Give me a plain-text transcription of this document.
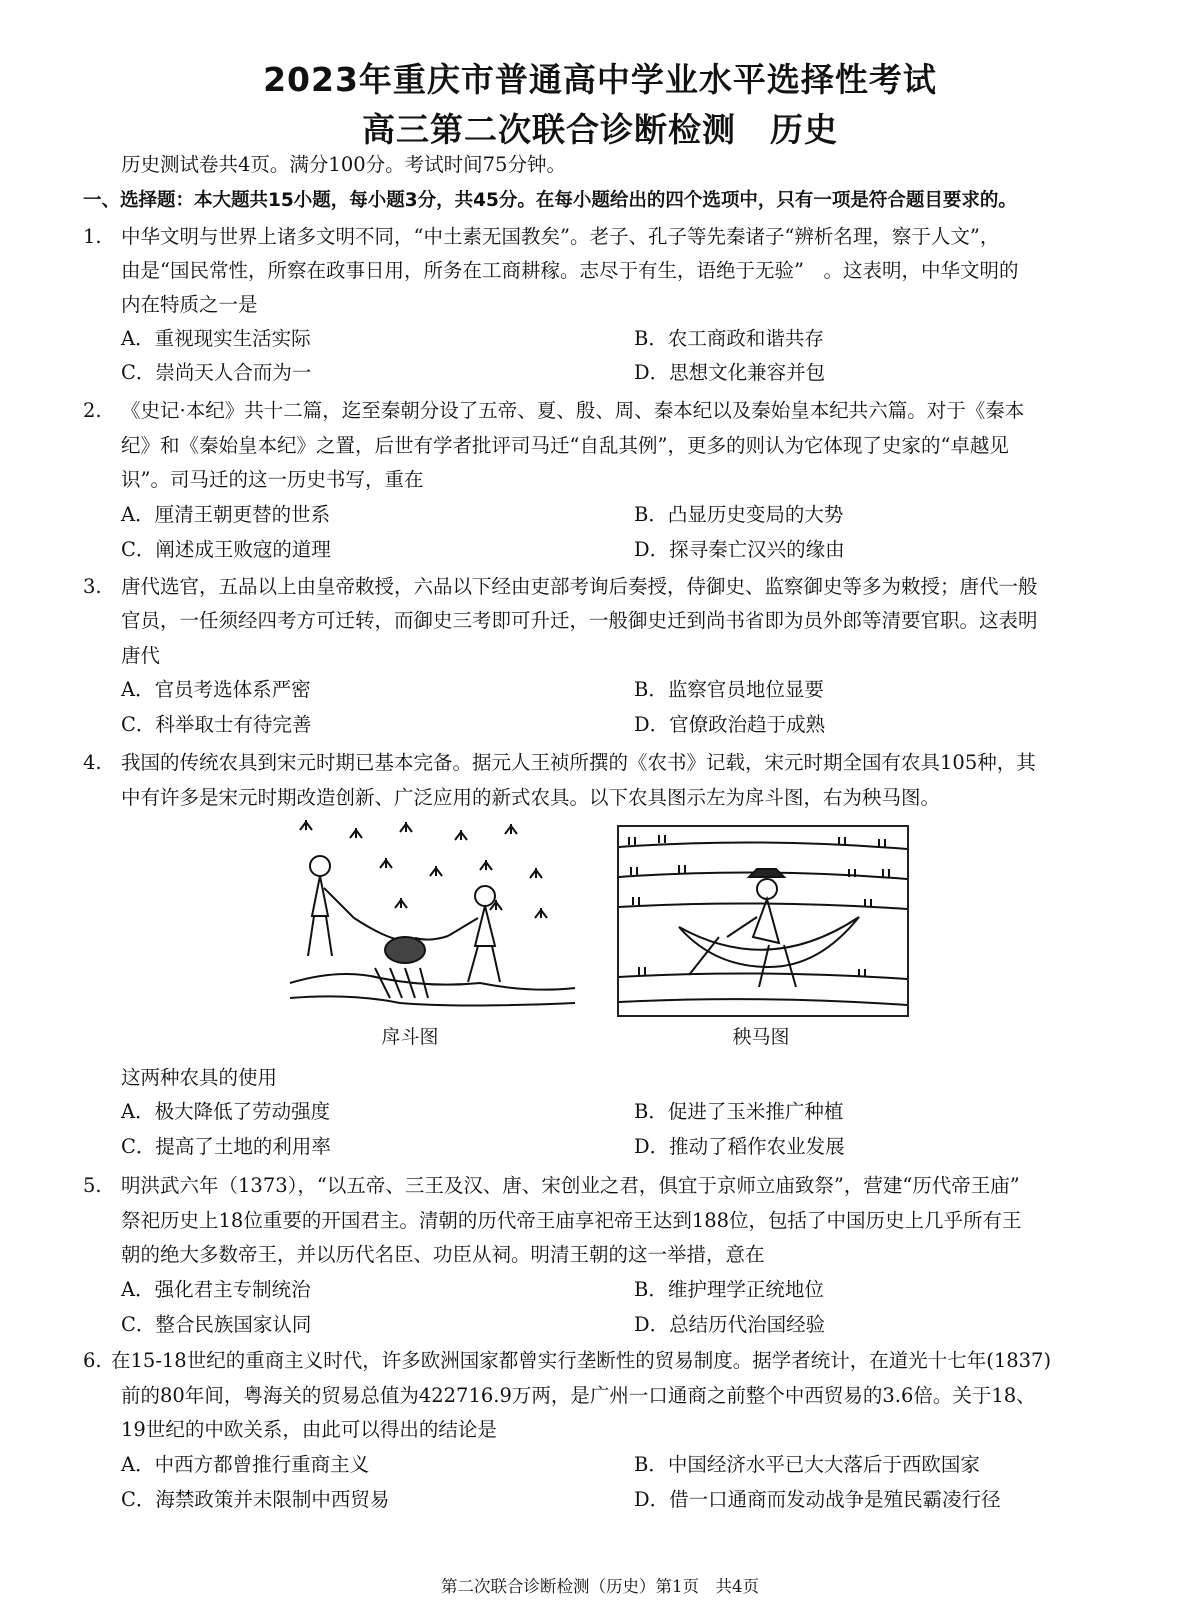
2023年重庆市普通高中学业水平选择性考试
高三第二次联合诊断检测　历史
历史测试卷共4页。满分100分。考试时间75分钟。
一、选择题：本大题共15小题，每小题3分，共45分。在每小题给出的四个选项中，只有一项是符合题目要求的。
1. 中华文明与世界上诸多文明不同，“中土素无国教矣”。老子、孔子等先秦诸子“辨析名理，察于人文”，
由是“国民常性，所察在政事日用，所务在工商耕稼。志尽于有生，语绝于无验”　。这表明，中华文明的
内在特质之一是
A．重视现实生活实际	B．农工商政和谐共存
C．崇尚天人合而为一	D．思想文化兼容并包
2. 《史记·本纪》共十二篇，迄至秦朝分设了五帝、夏、殷、周、秦本纪以及秦始皇本纪共六篇。对于《秦本
纪》和《秦始皇本纪》之置，后世有学者批评司马迁“自乱其例”，更多的则认为它体现了史家的“卓越见
识”。司马迁的这一历史书写，重在
A．厘清王朝更替的世系	B．凸显历史变局的大势
C．阐述成王败寇的道理	D．探寻秦亡汉兴的缘由
3. 唐代选官，五品以上由皇帝敕授，六品以下经由吏部考询后奏授，侍御史、监察御史等多为敕授；唐代一般
官员，一任须经四考方可迁转，而御史三考即可升迁，一般御史迁到尚书省即为员外郎等清要官职。这表明
唐代
A．官员考选体系严密	B．监察官员地位显要
C．科举取士有待完善	D．官僚政治趋于成熟
4. 我国的传统农具到宋元时期已基本完备。据元人王祯所撰的《农书》记载，宋元时期全国有农具105种，其
中有许多是宋元时期改造创新、广泛应用的新式农具。以下农具图示左为戽斗图，右为秧马图。
戽斗图	秧马图
这两种农具的使用
A．极大降低了劳动强度	B．促进了玉米推广种植
C．提高了土地的利用率	D．推动了稻作农业发展
5. 明洪武六年（1373），“以五帝、三王及汉、唐、宋创业之君，俱宜于京师立庙致祭”，营建“历代帝王庙”
祭祀历史上18位重要的开国君主。清朝的历代帝王庙享祀帝王达到188位，包括了中国历史上几乎所有王
朝的绝大多数帝王，并以历代名臣、功臣从祠。明清王朝的这一举措，意在
A．强化君主专制统治	B．维护理学正统地位
C．整合民族国家认同	D．总结历代治国经验
6. 在15-18世纪的重商主义时代，许多欧洲国家都曾实行垄断性的贸易制度。据学者统计，在道光十七年(1837)
前的80年间，粤海关的贸易总值为422716.9万两，是广州一口通商之前整个中西贸易的3.6倍。关于18、
19世纪的中欧关系，由此可以得出的结论是
A．中西方都曾推行重商主义	B．中国经济水平已大大落后于西欧国家
C．海禁政策并未限制中西贸易	D．借一口通商而发动战争是殖民霸凌行径
第二次联合诊断检测（历史）第1页　共4页
